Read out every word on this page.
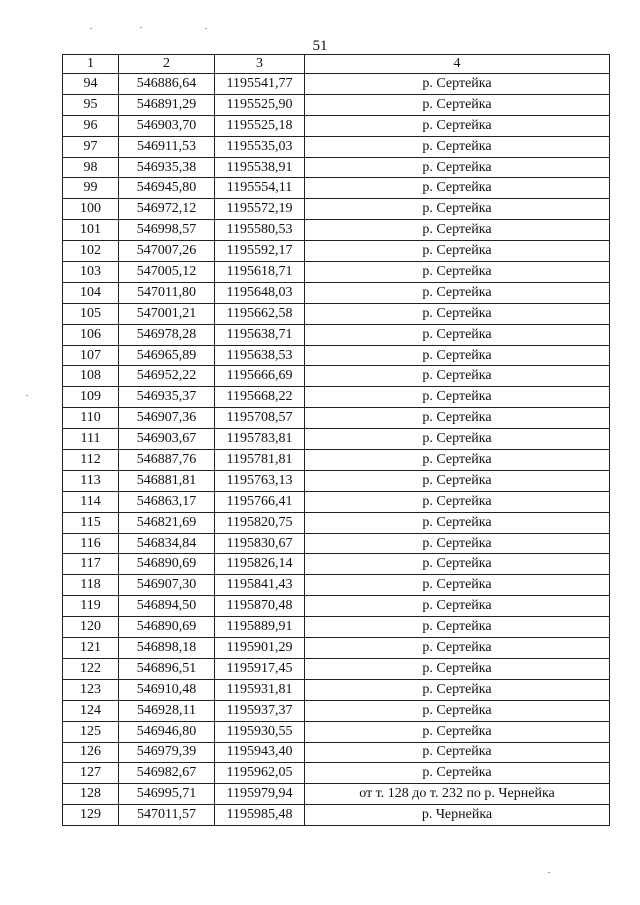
51
1	2	3	4
94	546886,64	1195541,77	р. Сертейка
95	546891,29	1195525,90	р. Сертейка
96	546903,70	1195525,18	р. Сертейка
97	546911,53	1195535,03	р. Сертейка
98	546935,38	1195538,91	р. Сертейка
99	546945,80	1195554,11	р. Сертейка
100	546972,12	1195572,19	р. Сертейка
101	546998,57	1195580,53	р. Сертейка
102	547007,26	1195592,17	р. Сертейка
103	547005,12	1195618,71	р. Сертейка
104	547011,80	1195648,03	р. Сертейка
105	547001,21	1195662,58	р. Сертейка
106	546978,28	1195638,71	р. Сертейка
107	546965,89	1195638,53	р. Сертейка
108	546952,22	1195666,69	р. Сертейка
109	546935,37	1195668,22	р. Сертейка
110	546907,36	1195708,57	р. Сертейка
111	546903,67	1195783,81	р. Сертейка
112	546887,76	1195781,81	р. Сертейка
113	546881,81	1195763,13	р. Сертейка
114	546863,17	1195766,41	р. Сертейка
115	546821,69	1195820,75	р. Сертейка
116	546834,84	1195830,67	р. Сертейка
117	546890,69	1195826,14	р. Сертейка
118	546907,30	1195841,43	р. Сертейка
119	546894,50	1195870,48	р. Сертейка
120	546890,69	1195889,91	р. Сертейка
121	546898,18	1195901,29	р. Сертейка
122	546896,51	1195917,45	р. Сертейка
123	546910,48	1195931,81	р. Сертейка
124	546928,11	1195937,37	р. Сертейка
125	546946,80	1195930,55	р. Сертейка
126	546979,39	1195943,40	р. Сертейка
127	546982,67	1195962,05	р. Сертейка
128	546995,71	1195979,94	от т. 128 до т. 232 по р. Чернейка
129	547011,57	1195985,48	р. Чернейка
